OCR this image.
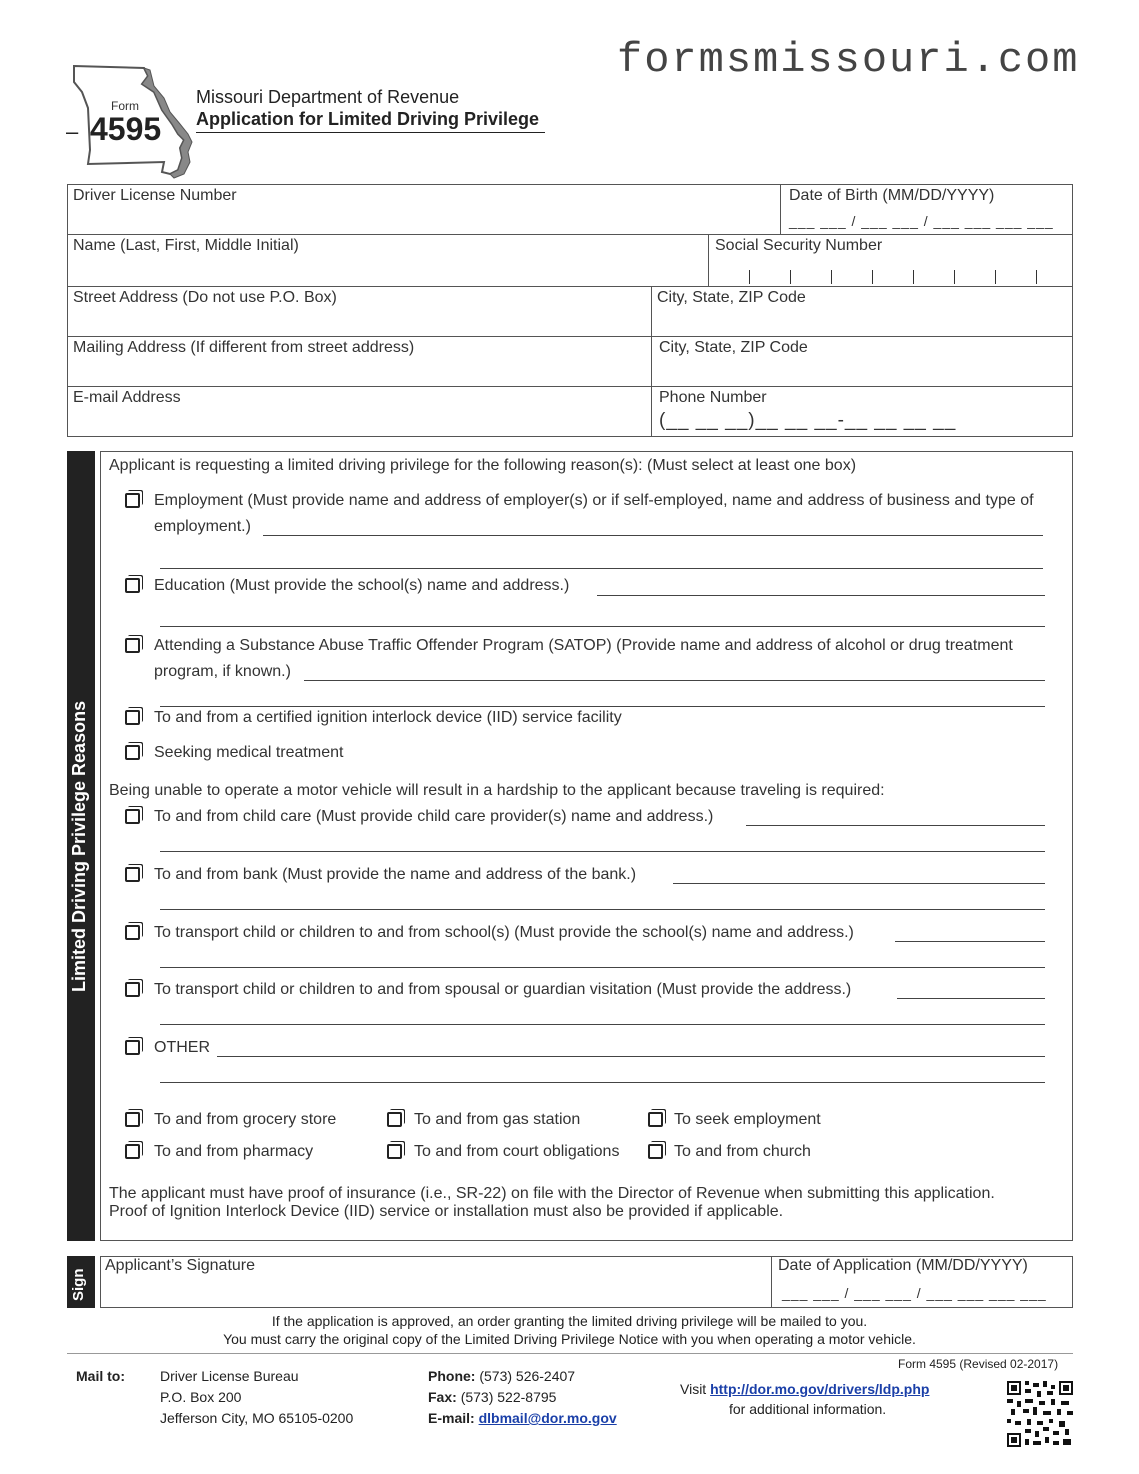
formsmissouri.com
–
Form
4595
Missouri Department of Revenue
Application for Limited Driving Privilege
Driver License Number	Date of Birth (MM/DD/YYYY)
___ ___ / ___ ___ / ___ ___ ___ ___
Name (Last, First, Middle Initial)	Social Security Number
Street Address (Do not use P.O. Box)	City, State, ZIP Code
Mailing Address (If different from street address)	City, State, ZIP Code
E-mail Address	Phone Number
(__ __ __)__ __ __-__ __ __ __
Limited Driving Privilege Reasons
Applicant is requesting a limited driving privilege for the following reason(s): (Must select at least one box)
Employment (Must provide name and address of employer(s) or if self-employed, name and address of business and type of
employment.)
Education (Must provide the school(s) name and address.)
Attending a Substance Abuse Traffic Offender Program (SATOP) (Provide name and address of alcohol or drug treatment
program, if known.)
To and from a certified ignition interlock device (IID) service facility
Seeking medical treatment
Being unable to operate a motor vehicle will result in a hardship to the applicant because traveling is required:
To and from child care (Must provide child care provider(s) name and address.)
To and from bank (Must provide the name and address of the bank.)
To transport child or children to and from school(s) (Must provide the school(s) name and address.)
To transport child or children to and from spousal or guardian visitation (Must provide the address.)
OTHER
To and from grocery store	To and from gas station	To seek employment
To and from pharmacy	To and from court obligations	To and from church
The applicant must have proof of insurance (i.e., SR-22) on file with the Director of Revenue when submitting this application.
Proof of Ignition Interlock Device (IID) service or installation must also be provided if applicable.
Sign
Applicant’s Signature	Date of Application (MM/DD/YYYY)
___ ___ / ___ ___ / ___ ___ ___ ___
If the application is approved, an order granting the limited driving privilege will be mailed to you.
You must carry the original copy of the Limited Driving Privilege Notice with you when operating a motor vehicle.
Mail to:	Driver License Bureau
P.O. Box 200
Jefferson City, MO 65105-0200
Phone: (573) 526-2407
Fax: (573) 522-8795
E-mail: dlbmail@dor.mo.gov
Form 4595 (Revised 02-2017)
Visit http://dor.mo.gov/drivers/ldp.php
for additional information.
